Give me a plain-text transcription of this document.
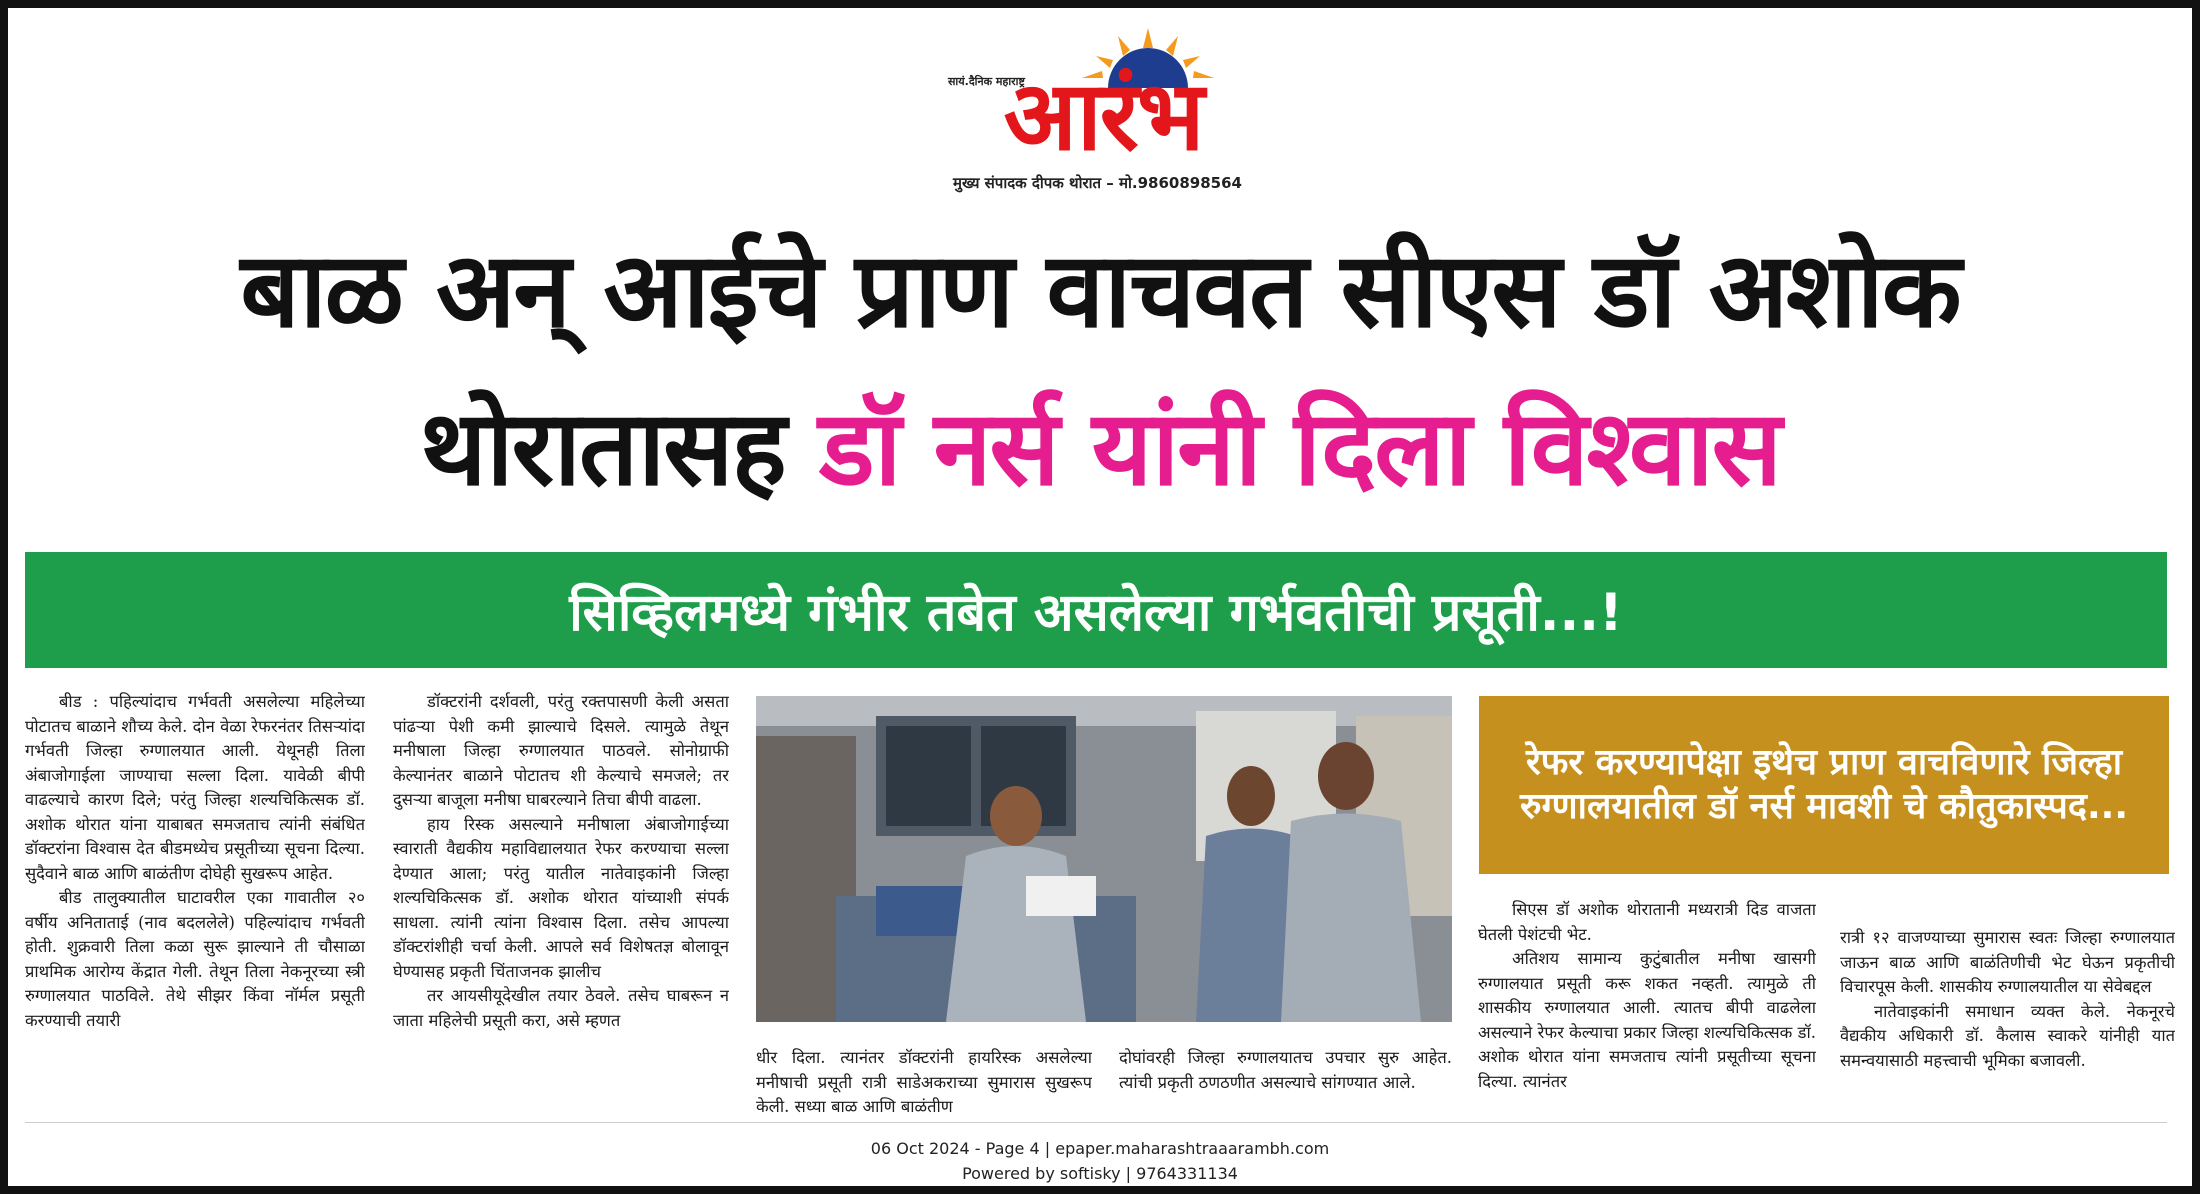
सायं.दैनिक महाराष्ट्र
आरंभ
मुख्य संपादक दीपक थोरात – मो.9860898564
बाळ अन् आईचे प्राण वाचवत सीएस डॉ अशोक
थोरातासह डॉ नर्स यांनी दिला विश्वास
सिव्हिलमध्ये गंभीर तबेत असलेल्या गर्भवतीची प्रसूती...!

बीड : पहिल्यांदाच गर्भवती असलेल्या महिलेच्या पोटातच बाळाने शौच्य केले. दोन वेळा रेफरनंतर तिसऱ्यांदा गर्भवती जिल्हा रुग्णालयात आली. येथूनही तिला अंबाजोगाईला जाण्याचा सल्ला दिला. यावेळी बीपी वाढल्याचे कारण दिले; परंतु जिल्हा शल्यचिकित्सक डॉ. अशोक थोरात यांना याबाबत समजताच त्यांनी संबंधित डॉक्टरांना विश्वास देत बीडमध्येच प्रसूतीच्या सूचना दिल्या. सुदैवाने बाळ आणि बाळंतीण दोघेही सुखरूप आहेत.

बीड तालुक्यातील घाटावरील एका गावातील २० वर्षीय अनिताताई (नाव बदललेले) पहिल्यांदाच गर्भवती होती. शुक्रवारी तिला कळा सुरू झाल्याने ती चौसाळा प्राथमिक आरोग्य केंद्रात गेली. तेथून तिला नेकनूरच्या स्त्री रुग्णालयात पाठविले. तेथे सीझर किंवा नॉर्मल प्रसूती करण्याची तयारी

डॉक्टरांनी दर्शवली, परंतु रक्तपासणी केली असता पांढऱ्या पेशी कमी झाल्याचे दिसले. त्यामुळे तेथून मनीषाला जिल्हा रुग्णालयात पाठवले. सोनोग्राफी केल्यानंतर बाळाने पोटातच शी केल्याचे समजले; तर दुसऱ्या बाजूला मनीषा घाबरल्याने तिचा बीपी वाढला.

हाय रिस्क असल्याने मनीषाला अंबाजोगाईच्या स्वाराती वैद्यकीय महाविद्यालयात रेफर करण्याचा सल्ला देण्यात आला; परंतु यातील नातेवाइकांनी जिल्हा शल्यचिकित्सक डॉ. अशोक थोरात यांच्याशी संपर्क साधला. त्यांनी त्यांना विश्वास दिला. तसेच आपल्या डॉक्टरांशीही चर्चा केली. आपले सर्व विशेषतज्ञ बोलावून घेण्यासह प्रकृती चिंताजनक झालीच

तर आयसीयूदेखील तयार ठेवले. तसेच घाबरून न जाता महिलेची प्रसूती करा, असे म्हणत

धीर दिला. त्यानंतर डॉक्टरांनी हायरिस्क असलेल्या मनीषाची प्रसूती रात्री साडेअकराच्या सुमारास सुखरूप केली. सध्या बाळ आणि बाळंतीण

दोघांवरही जिल्हा रुग्णालयातच उपचार सुरु आहेत. त्यांची प्रकृती ठणठणीत असल्याचे सांगण्यात आले.

रेफर करण्यापेक्षा इथेच प्राण वाचविणारे जिल्हा रुग्णालयातील डॉ नर्स मावशी चे कौतुकास्पद...

सिएस डॉ अशोक थोरातानी मध्यरात्री दिड वाजता घेतली पेशंटची भेट.

अतिशय सामान्य कुटुंबातील मनीषा खासगी रुग्णालयात प्रसूती करू शकत नव्हती. त्यामुळे ती शासकीय रुग्णालयात आली. त्यातच बीपी वाढलेला असल्याने रेफर केल्याचा प्रकार जिल्हा शल्यचिकित्सक डॉ. अशोक थोरात यांना समजताच त्यांनी प्रसूतीच्या सूचना दिल्या. त्यानंतर

रात्री १२ वाजण्याच्या सुमारास स्वतः जिल्हा रुग्णालयात जाऊन बाळ आणि बाळंतिणीची भेट घेऊन प्रकृतीची विचारपूस केली. शासकीय रुग्णालयातील या सेवेबद्दल

नातेवाइकांनी समाधान व्यक्त केले. नेकनूरचे वैद्यकीय अधिकारी डॉ. कैलास स्वाकरे यांनीही यात समन्वयासाठी महत्त्वाची भूमिका बजावली.

06 Oct 2024 - Page 4 | epaper.maharashtraaarambh.com
Powered by softisky | 9764331134
